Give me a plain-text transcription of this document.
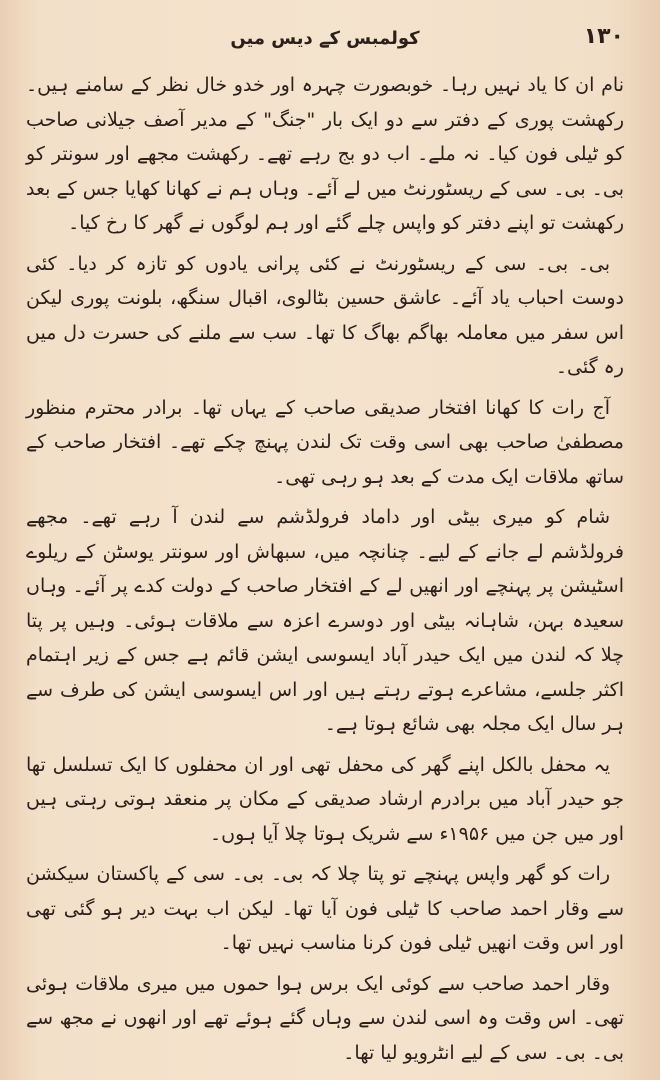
١٣٠
کولمبس کے دیس میں

نام ان کا یاد نہیں رہا۔ خوبصورت چہرہ اور خدو خال نظر کے سامنے ہیں۔ رکھشت پوری کے دفتر سے دو ایک بار "جنگ" کے مدیر آصف جیلانی صاحب کو ٹیلی فون کیا۔ نہ ملے۔ اب دو بج رہے تھے۔ رکھشت مجھے اور سونتر کو بی۔ بی۔ سی کے ریسٹورنٹ میں لے آئے۔ وہاں ہم نے کھانا کھایا جس کے بعد رکھشت تو اپنے دفتر کو واپس چلے گئے اور ہم لوگوں نے گھر کا رخ کیا۔

بی۔ بی۔ سی کے ریسٹورنٹ نے کئی پرانی یادوں کو تازہ کر دیا۔ کئی دوست احباب یاد آئے۔ عاشق حسین بٹالوی، اقبال سنگھ، بلونت پوری لیکن اس سفر میں معاملہ بھاگم بھاگ کا تھا۔ سب سے ملنے کی حسرت دل میں رہ گئی۔

آج رات کا کھانا افتخار صدیقی صاحب کے یہاں تھا۔ برادر محترم منظور مصطفیٰ صاحب بھی اسی وقت تک لندن پہنچ چکے تھے۔ افتخار صاحب کے ساتھ ملاقات ایک مدت کے بعد ہو رہی تھی۔

شام کو میری بیٹی اور داماد فرولڈشم سے لندن آ رہے تھے۔ مجھے فرولڈشم لے جانے کے لیے۔ چنانچہ میں، سبھاش اور سونتر یوسٹن کے ریلوے اسٹیشن پر پہنچے اور انھیں لے کے افتخار صاحب کے دولت کدے پر آئے۔ وہاں سعیدہ بہن، شاہانہ بیٹی اور دوسرے اعزہ سے ملاقات ہوئی۔ وہیں پر پتا چلا کہ لندن میں ایک حیدر آباد ایسوسی ایشن قائم ہے جس کے زیر اہتمام اکثر جلسے، مشاعرے ہوتے رہتے ہیں اور اس ایسوسی ایشن کی طرف سے ہر سال ایک مجلہ بھی شائع ہوتا ہے۔

یہ محفل بالکل اپنے گھر کی محفل تھی اور ان محفلوں کا ایک تسلسل تھا جو حیدر آباد میں برادرم ارشاد صدیقی کے مکان پر منعقد ہوتی رہتی ہیں اور میں جن میں ۱۹۵۶ء سے شریک ہوتا چلا آیا ہوں۔

رات کو گھر واپس پہنچے تو پتا چلا کہ بی۔ بی۔ سی کے پاکستان سیکشن سے وقار احمد صاحب کا ٹیلی فون آیا تھا۔ لیکن اب بہت دیر ہو گئی تھی اور اس وقت انھیں ٹیلی فون کرنا مناسب نہیں تھا۔

وقار احمد صاحب سے کوئی ایک برس ہوا حموں میں میری ملاقات ہوئی تھی۔ اس وقت وہ اسی لندن سے وہاں گئے ہوئے تھے اور انھوں نے مجھ سے بی۔ بی۔ سی کے لیے انٹرویو لیا تھا۔
